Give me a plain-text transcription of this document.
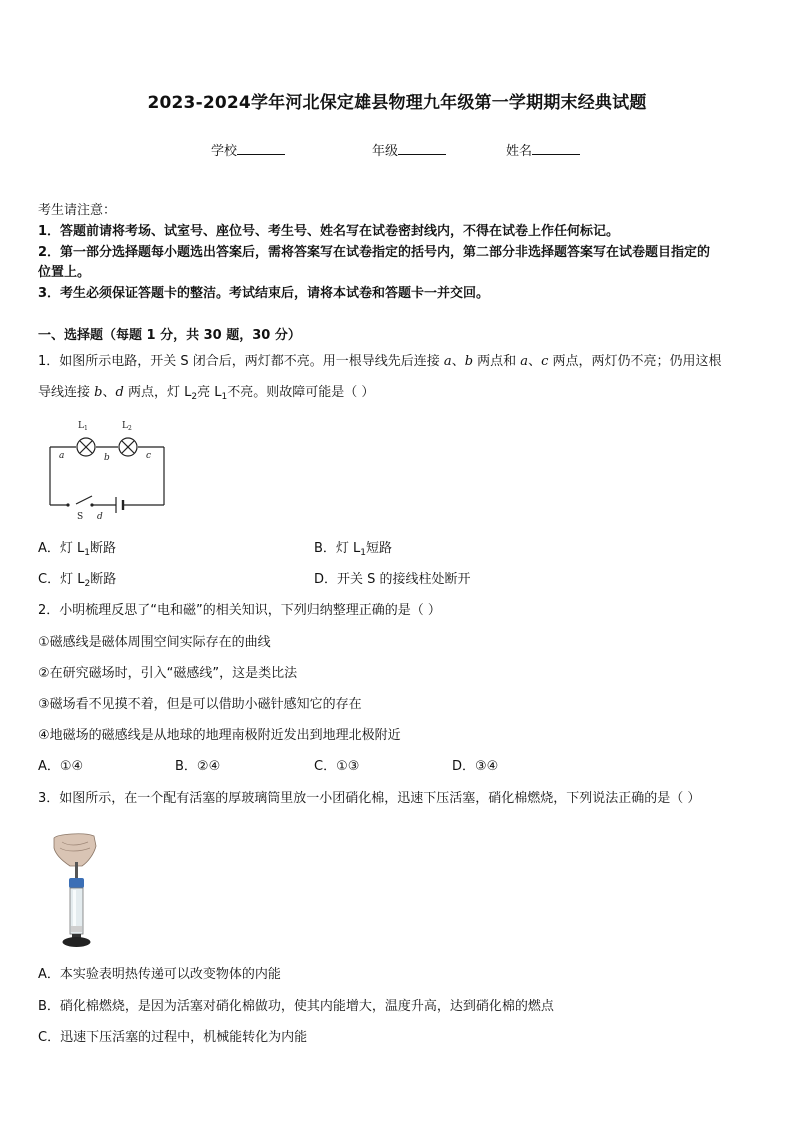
2023-2024学年河北保定雄县物理九年级第一学期期末经典试题
学校	年级	姓名
考生请注意：
1．答题前请将考场、试室号、座位号、考生号、姓名写在试卷密封线内，不得在试卷上作任何标记。
2．第一部分选择题每小题选出答案后，需将答案写在试卷指定的括号内，第二部分非选择题答案写在试卷题目指定的
位置上。
3．考生必须保证答题卡的整洁。考试结束后，请将本试卷和答题卡一并交回。
一、选择题（每题 1 分，共 30 题，30 分）
1．如图所示电路，开关 S 闭合后，两灯都不亮。用一根导线先后连接 a、b 两点和 a、c 两点，两灯仍不亮；仍用这根
导线连接 b、d 两点，灯 $L_2$亮 $L_1$不亮。则故障可能是（ ）
$L_1$	$L_2$
a	b	c
S d
A．灯 $L_1$断路	B．灯 $L_1$短路
C．灯 $L_2$断路	D．开关 S 的接线柱处断开
2．小明梳理反思了“电和磁”的相关知识，下列归纳整理正确的是（ ）
①磁感线是磁体周围空间实际存在的曲线
②在研究磁场时，引入“磁感线”，这是类比法
③磁场看不见摸不着，但是可以借助小磁针感知它的存在
④地磁场的磁感线是从地球的地理南极附近发出到地理北极附近
A．①④	B．②④	C．①③	D．③④
3．如图所示，在一个配有活塞的厚玻璃筒里放一小团硝化棉，迅速下压活塞，硝化棉燃烧，下列说法正确的是（ ）
A．本实验表明热传递可以改变物体的内能
B．硝化棉燃烧，是因为活塞对硝化棉做功，使其内能增大，温度升高，达到硝化棉的燃点
C．迅速下压活塞的过程中，机械能转化为内能
